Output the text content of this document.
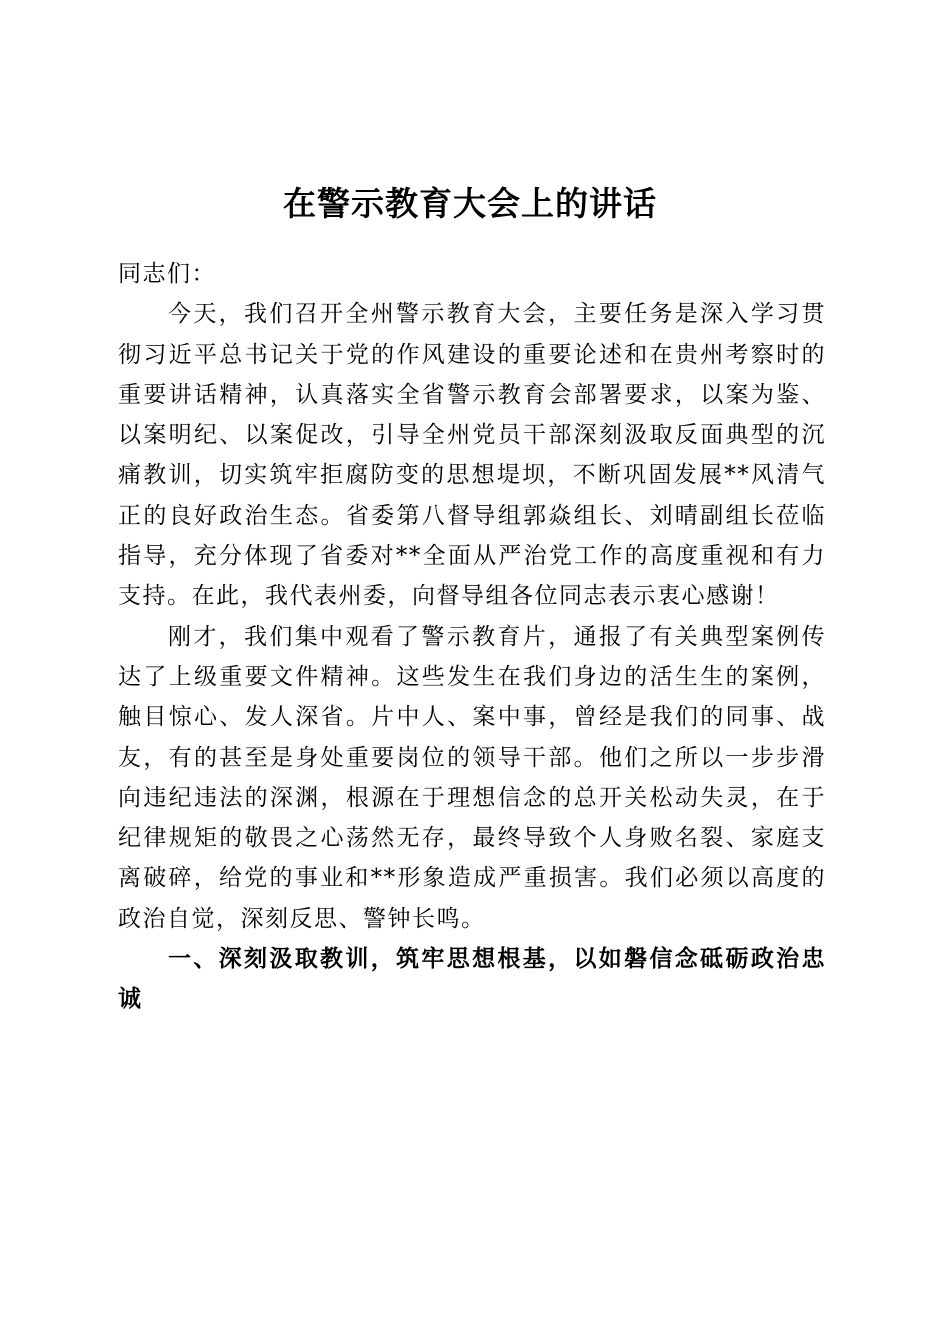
在警示教育大会上的讲话

同志们：

今天，我们召开全州警示教育大会，主要任务是深入学习贯彻习近平总书记关于党的作风建设的重要论述和在贵州考察时的重要讲话精神，认真落实全省警示教育会部署要求，以案为鉴、以案明纪、以案促改，引导全州党员干部深刻汲取反面典型的沉痛教训，切实筑牢拒腐防变的思想堤坝，不断巩固发展**风清气正的良好政治生态。省委第八督导组郭焱组长、刘晴副组长莅临指导，充分体现了省委对**全面从严治党工作的高度重视和有力支持。在此，我代表州委，向督导组各位同志表示衷心感谢！

刚才，我们集中观看了警示教育片，通报了有关典型案例传达了上级重要文件精神。这些发生在我们身边的活生生的案例，触目惊心、发人深省。片中人、案中事，曾经是我们的同事、战友，有的甚至是身处重要岗位的领导干部。他们之所以一步步滑向违纪违法的深渊，根源在于理想信念的总开关松动失灵，在于纪律规矩的敬畏之心荡然无存，最终导致个人身败名裂、家庭支离破碎，给党的事业和**形象造成严重损害。我们必须以高度的政治自觉，深刻反思、警钟长鸣。

一、深刻汲取教训，筑牢思想根基，以如磐信念砥砺政治忠诚
